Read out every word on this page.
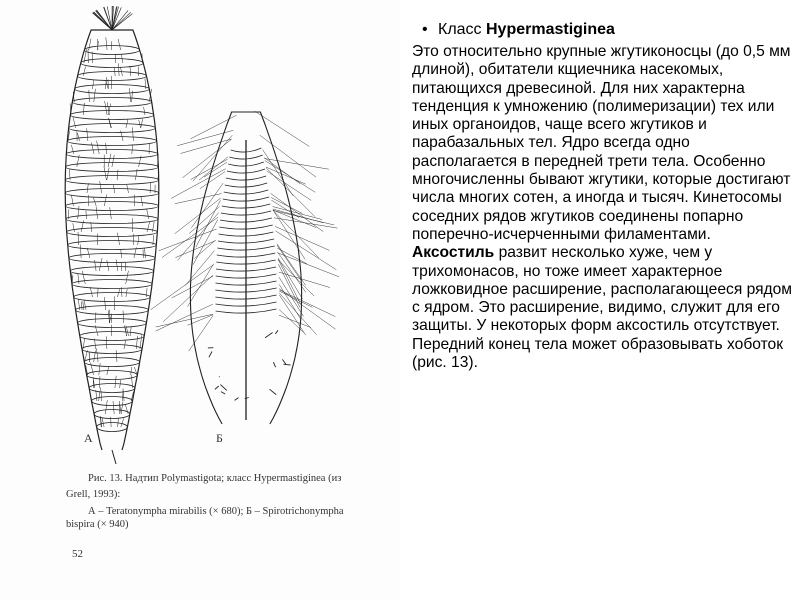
А	Б
Рис. 13. Надтип Polymastigota; класс Hypermastiginea (из
Grell, 1993):
А – Teratonympha mirabilis (× 680); Б – Spirotrichonympha
bispira (× 940)
52
• Класс Hypermastiginea
Это относительно крупные жгутиконосцы (до 0,5 мм длиной), обитатели кщиечника насекомых, питающихся древесиной. Для них характерна тенденция к умножению (полимеризации) тех или иных органоидов, чаще всего жгутиков и парабазальных тел. Ядро всегда одно располагается в передней трети тела. Особенно многочисленны бывают жгутики, которые достигают числа многих сотен, а иногда и тысяч. Кинетосомы соседних рядов жгутиков соединены попарно поперечно-исчерченными филаментами. Аксостиль развит несколько хуже, чем у трихомонасов, но тоже имеет характерное ложковидное расширение, располагающееся рядом с ядром. Это расширение, видимо, служит для его защиты. У некоторых форм аксостиль отсутствует. Передний конец тела может образовывать хоботок (рис. 13).
